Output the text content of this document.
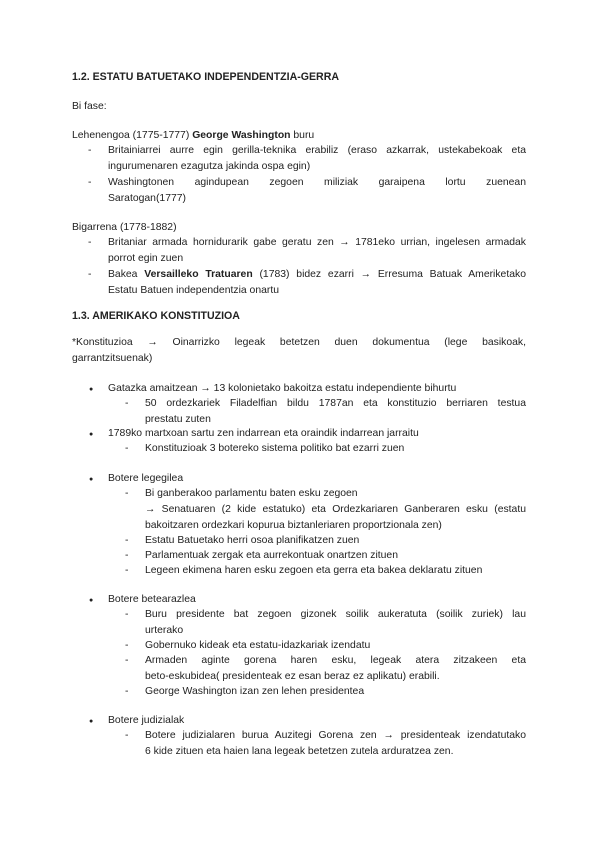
1.2. ESTATU BATUETAKO INDEPENDENTZIA-GERRA
Bi fase:
Lehenengoa (1775-1777) George Washington buru
- Britainiarrei aurre egin gerilla-teknika erabiliz (eraso azkarrak, ustekabekoak eta
ingurumenaren ezagutza jakinda ospa egin)
- Washingtonen agindupean zegoen miliziak garaipena lortu zuenean
Saratogan(1777)
Bigarrena (1778-1882)
- Britaniar armada hornidurarik gabe geratu zen → 1781eko urrian, ingelesen armadak
porrot egin zuen
- Bakea Versailleko Tratuaren (1783) bidez ezarri → Erresuma Batuak Ameriketako
Estatu Batuen independentzia onartu
1.3. AMERIKAKO KONSTITUZIOA
*Konstituzioa → Oinarrizko legeak betetzen duen dokumentua (lege basikoak,
garrantzitsuenak)
● Gatazka amaitzean → 13 kolonietako bakoitza estatu independiente bihurtu
- 50 ordezkariek Filadelfian bildu 1787an eta konstituzio berriaren testua
prestatu zuten
● 1789ko martxoan sartu zen indarrean eta oraindik indarrean jarraitu
- Konstituzioak 3 botereko sistema politiko bat ezarri zuen
● Botere legegilea
- Bi ganberakoo parlamentu baten esku zegoen
→ Senatuaren (2 kide estatuko) eta Ordezkariaren Ganberaren esku (estatu
bakoitzaren ordezkari kopurua biztanleriaren proportzionala zen)
- Estatu Batuetako herri osoa planifikatzen zuen
- Parlamentuak zergak eta aurrekontuak onartzen zituen
- Legeen ekimena haren esku zegoen eta gerra eta bakea deklaratu zituen
● Botere betearazlea
- Buru presidente bat zegoen gizonek soilik aukeratuta (soilik zuriek) lau
urterako
- Gobernuko kideak eta estatu-idazkariak izendatu
- Armaden aginte gorena haren esku, legeak atera zitzakeen eta
beto-eskubidea( presidenteak ez esan beraz ez aplikatu) erabili.
- George Washington izan zen lehen presidentea
● Botere judizialak
- Botere judizialaren burua Auzitegi Gorena zen → presidenteak izendatutako
6 kide zituen eta haien lana legeak betetzen zutela arduratzea zen.
